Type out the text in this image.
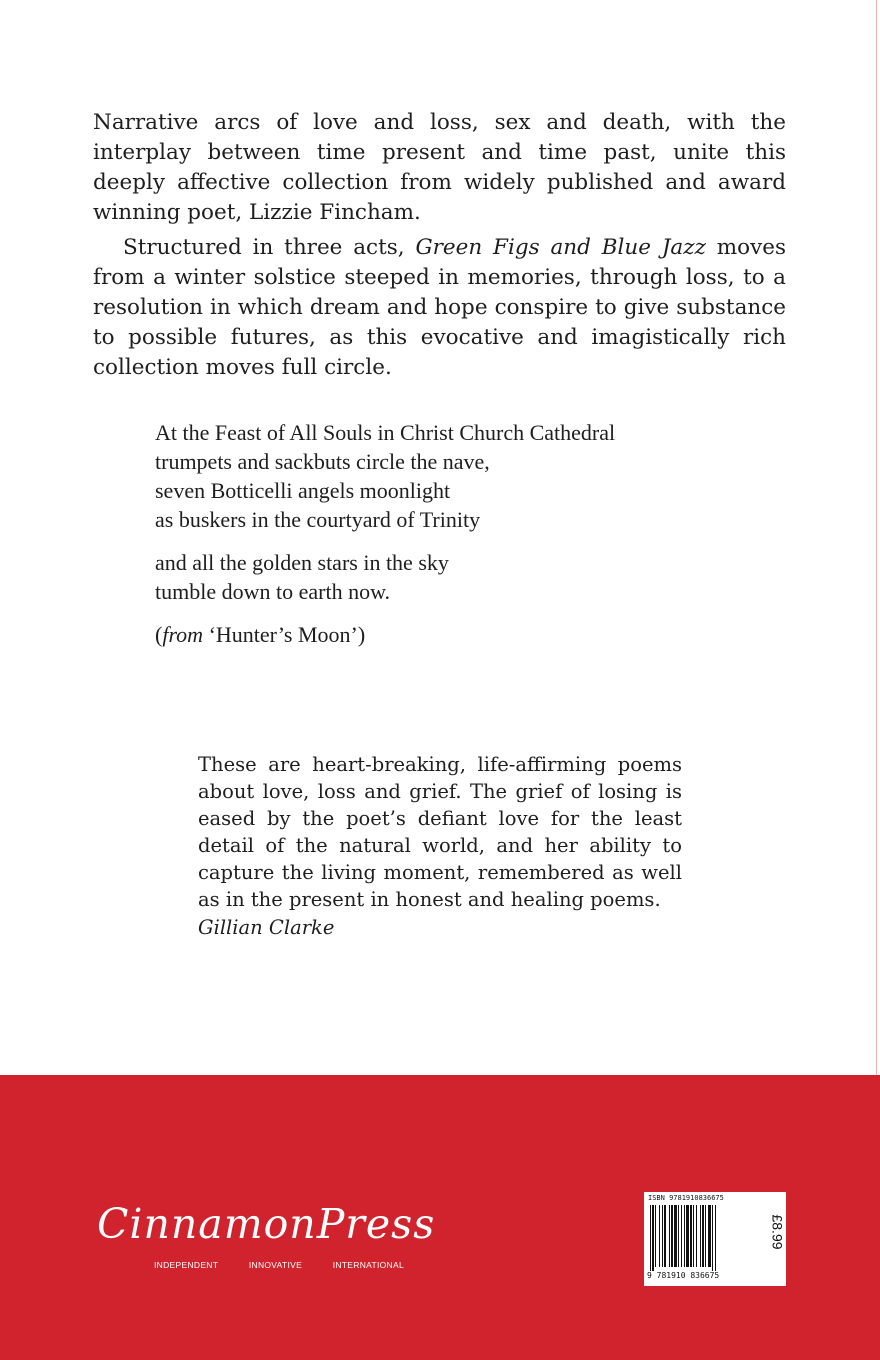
Narrative arcs of love and loss, sex and death, with the interplay between time present and time past, unite this deeply affective collection from widely published and award winning poet, Lizzie Fincham.

Structured in three acts, Green Figs and Blue Jazz moves from a winter solstice steeped in memories, through loss, to a resolution in which dream and hope conspire to give substance to possible futures, as this evocative and imagistically rich collection moves full circle.

At the Feast of All Souls in Christ Church Cathedral
trumpets and sackbuts circle the nave,
seven Botticelli angels moonlight
as buskers in the courtyard of Trinity
and all the golden stars in the sky
tumble down to earth now.
(from ‘Hunter’s Moon’)

These are heart-breaking, life-affirming poems about love, loss and grief. The grief of losing is eased by the poet’s defiant love for the least detail of the natural world, and her ability to capture the living moment, remembered as well as in the present in honest and healing poems.

Gillian Clarke

CinnamonPress
INDEPENDENT	INNOVATIVE	INTERNATIONAL
ISBN 9781910836675
9 781910 836675
£8.99
